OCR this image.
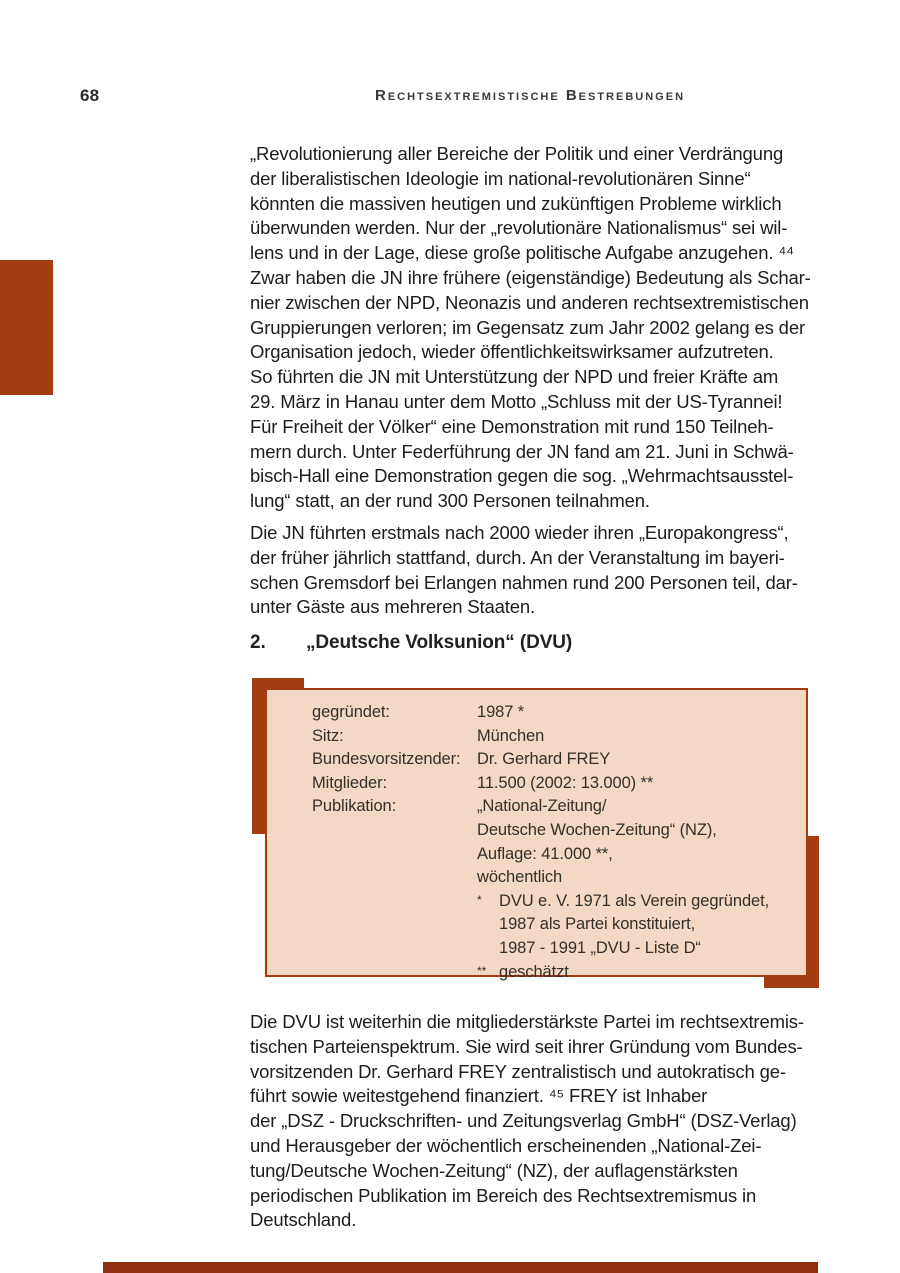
68	Rechtsextremistische Bestrebungen
„Revolutionierung aller Bereiche der Politik und einer Verdrängung
der liberalistischen Ideologie im national-revolutionären Sinne“
könnten die massiven heutigen und zukünftigen Probleme wirklich
überwunden werden. Nur der „revolutionäre Nationalismus“ sei wil-
lens und in der Lage, diese große politische Aufgabe anzugehen. ⁴⁴
Zwar haben die JN ihre frühere (eigenständige) Bedeutung als Schar-
nier zwischen der NPD, Neonazis und anderen rechtsextremistischen
Gruppierungen verloren; im Gegensatz zum Jahr 2002 gelang es der
Organisation jedoch, wieder öffentlichkeitswirksamer aufzutreten.
So führten die JN mit Unterstützung der NPD und freier Kräfte am
29. März in Hanau unter dem Motto „Schluss mit der US-Tyrannei!
Für Freiheit der Völker“ eine Demonstration mit rund 150 Teilneh-
mern durch. Unter Federführung der JN fand am 21. Juni in Schwä-
bisch-Hall eine Demonstration gegen die sog. „Wehrmachtsausstel-
lung“ statt, an der rund 300 Personen teilnahmen.
Die JN führten erstmals nach 2000 wieder ihren „Europakongress“,
der früher jährlich stattfand, durch. An der Veranstaltung im bayeri-
schen Gremsdorf bei Erlangen nahmen rund 200 Personen teil, dar-
unter Gäste aus mehreren Staaten.
2. „Deutsche Volksunion“ (DVU)
gegründet:	1987 *
Sitz:	München
Bundesvorsitzender: Dr. Gerhard FREY
Mitglieder:	11.500 (2002: 13.000) **
Publikation:	„National-Zeitung/
Deutsche Wochen-Zeitung“ (NZ),
Auflage: 41.000 **,
wöchentlich
* DVU e. V. 1971 als Verein gegründet,
1987 als Partei konstituiert,
1987 - 1991 „DVU - Liste D“
** geschätzt
Die DVU ist weiterhin die mitgliederstärkste Partei im rechtsextremis-
tischen Parteienspektrum. Sie wird seit ihrer Gründung vom Bundes-
vorsitzenden Dr. Gerhard FREY zentralistisch und autokratisch ge-
führt sowie weitestgehend finanziert. ⁴⁵ FREY ist Inhaber
der „DSZ - Druckschriften- und Zeitungsverlag GmbH“ (DSZ-Verlag)
und Herausgeber der wöchentlich erscheinenden „National-Zei-
tung/Deutsche Wochen-Zeitung“ (NZ), der auflagenstärksten
periodischen Publikation im Bereich des Rechtsextremismus in
Deutschland.
